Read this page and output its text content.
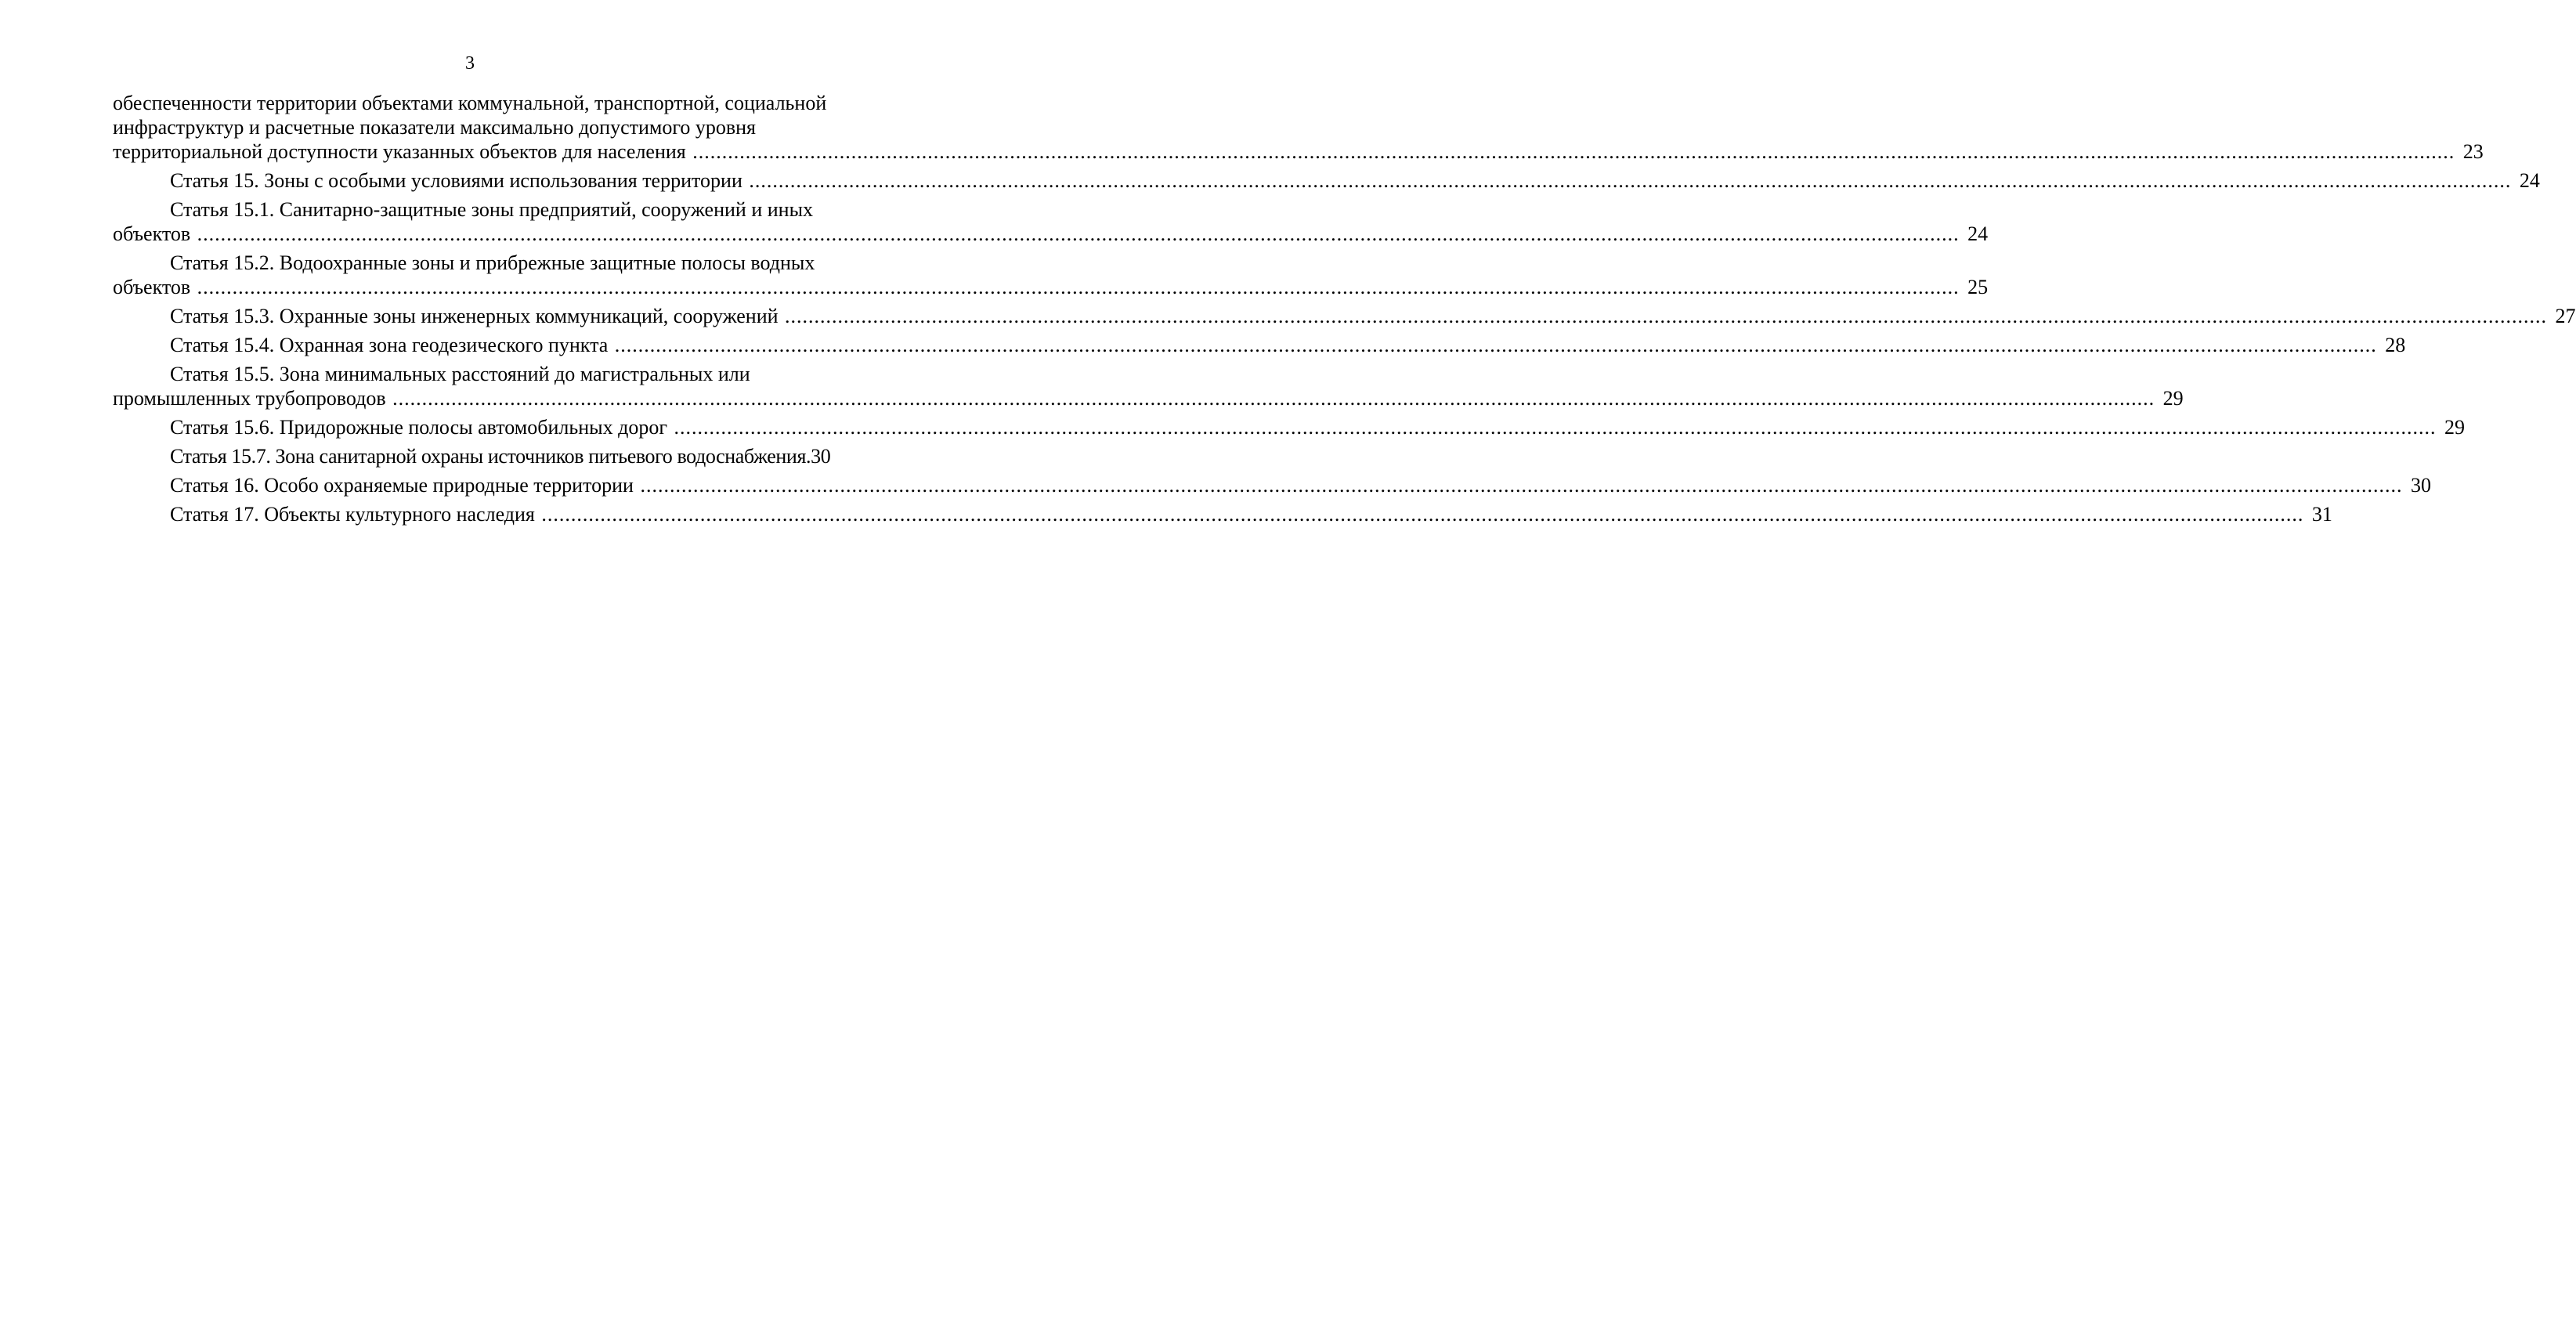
3
обеспеченности территории объектами коммунальной, транспортной, социальной
инфраструктур и расчетные показатели максимально допустимого уровня
территориальной доступности указанных объектов для населения ............................................................................................................................................................................................................................................................................................................ 23
Статья 15. Зоны с особыми условиями использования территории ............................................................................................................................................................................................................................................................................................................ 24
Статья 15.1. Санитарно-защитные зоны предприятий, сооружений и иных
объектов ............................................................................................................................................................................................................................................................................................................ 24
Статья 15.2. Водоохранные зоны и прибрежные защитные полосы водных
объектов ............................................................................................................................................................................................................................................................................................................ 25
Статья 15.3. Охранные зоны инженерных коммуникаций, сооружений ............................................................................................................................................................................................................................................................................................................ 27
Статья 15.4. Охранная зона геодезического пункта ............................................................................................................................................................................................................................................................................................................ 28
Статья 15.5. Зона минимальных расстояний до магистральных или
промышленных трубопроводов ............................................................................................................................................................................................................................................................................................................ 29
Статья 15.6. Придорожные полосы автомобильных дорог ............................................................................................................................................................................................................................................................................................................ 29
Статья 15.7. Зона санитарной охраны источников питьевого водоснабжения.30
Статья 16. Особо охраняемые природные территории ............................................................................................................................................................................................................................................................................................................ 30
Статья 17. Объекты культурного наследия ............................................................................................................................................................................................................................................................................................................ 31
